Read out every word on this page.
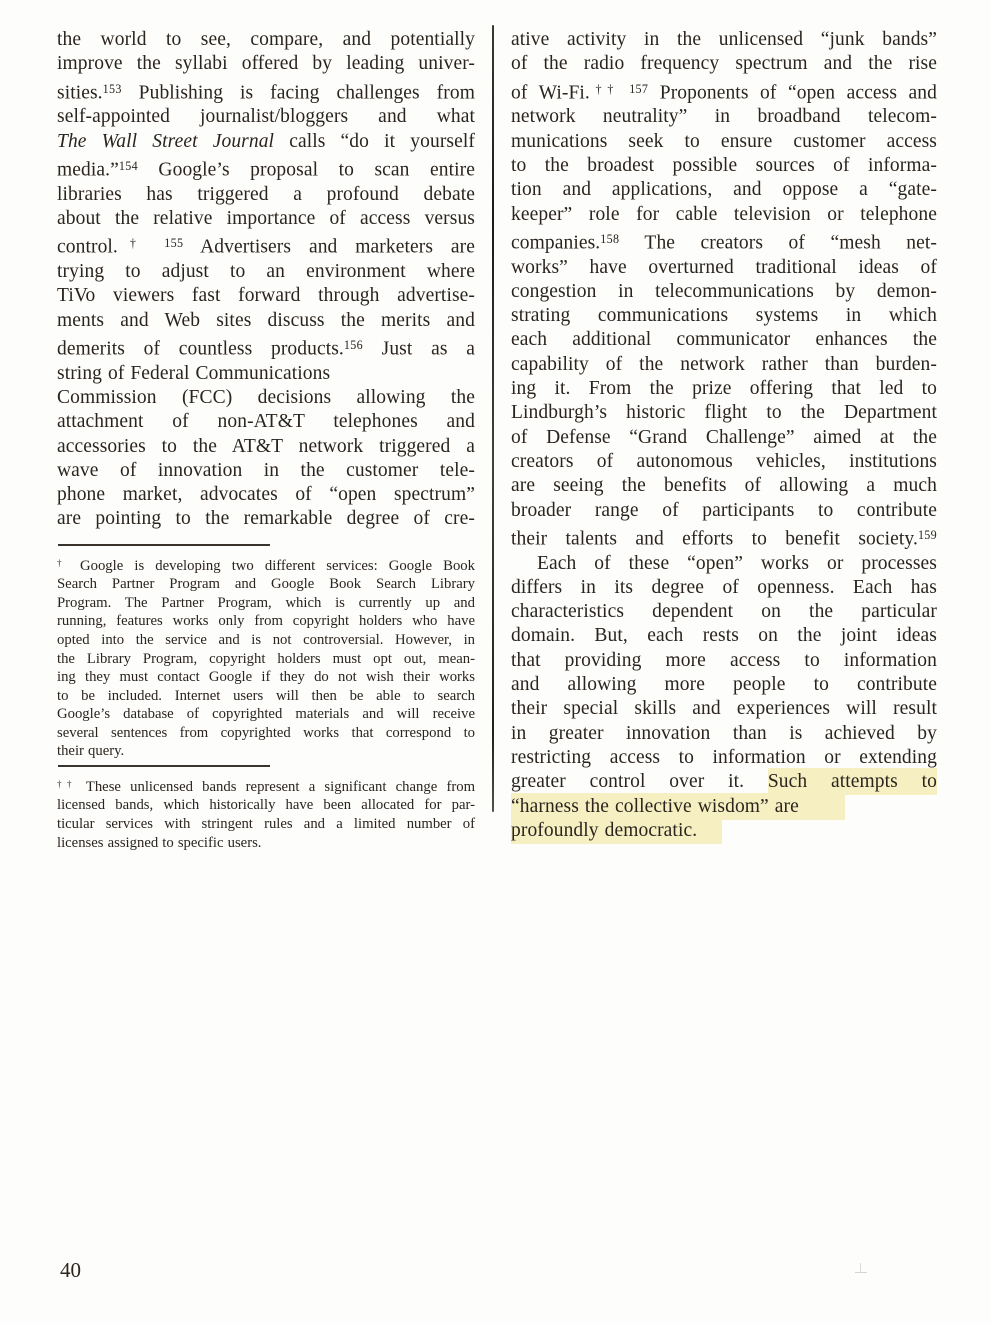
the world to see, compare, and potentially
improve the syllabi offered by leading univer-
sities.$^{153}$ Publishing is facing challenges from
self-appointed journalist/bloggers and what
The Wall Street Journal calls “do it yourself
media.”$^{154}$ Google’s proposal to scan entire
libraries has triggered a profound debate
about the relative importance of access versus
control.$^{\dagger 155}$ Advertisers and marketers are
trying to adjust to an environment where
TiVo viewers fast forward through advertise-
ments and Web sites discuss the merits and
demerits of countless products.$^{156}$ Just as a
string of Federal Communications
Commission (FCC) decisions allowing the
attachment of non-AT&T telephones and
accessories to the AT&T network triggered a
wave of innovation in the customer tele-
phone market, advocates of “open spectrum”
are pointing to the remarkable degree of cre-
† Google is developing two different services: Google Book
Search Partner Program and Google Book Search Library
Program. The Partner Program, which is currently up and
running, features works only from copyright holders who have
opted into the service and is not controversial. However, in
the Library Program, copyright holders must opt out, mean-
ing they must contact Google if they do not wish their works
to be included. Internet users will then be able to search
Google’s database of copyrighted materials and will receive
several sentences from copyrighted works that correspond to
their query.
†† These unlicensed bands represent a significant change from
licensed bands, which historically have been allocated for par-
ticular services with stringent rules and a limited number of
licenses assigned to specific users.
ative activity in the unlicensed “junk bands”
of the radio frequency spectrum and the rise
of Wi-Fi.$^{\dagger\dagger 157}$ Proponents of “open access and
network neutrality” in broadband telecom-
munications seek to ensure customer access
to the broadest possible sources of informa-
tion and applications, and oppose a “gate-
keeper” role for cable television or telephone
companies.$^{158}$ The creators of “mesh net-
works” have overturned traditional ideas of
congestion in telecommunications by demon-
strating communications systems in which
each additional communicator enhances the
capability of the network rather than burden-
ing it. From the prize offering that led to
Lindburgh’s historic flight to the Department
of Defense “Grand Challenge” aimed at the
creators of autonomous vehicles, institutions
are seeing the benefits of allowing a much
broader range of participants to contribute
their talents and efforts to benefit society.$^{159}$
Each of these “open” works or processes
differs in its degree of openness. Each has
characteristics dependent on the particular
domain. But, each rests on the joint ideas
that providing more access to information
and allowing more people to contribute
their special skills and experiences will result
in greater innovation than is achieved by
restricting access to information or extending
greater control over it. Such attempts to
“harness the collective wisdom” are
profoundly democratic.
40
